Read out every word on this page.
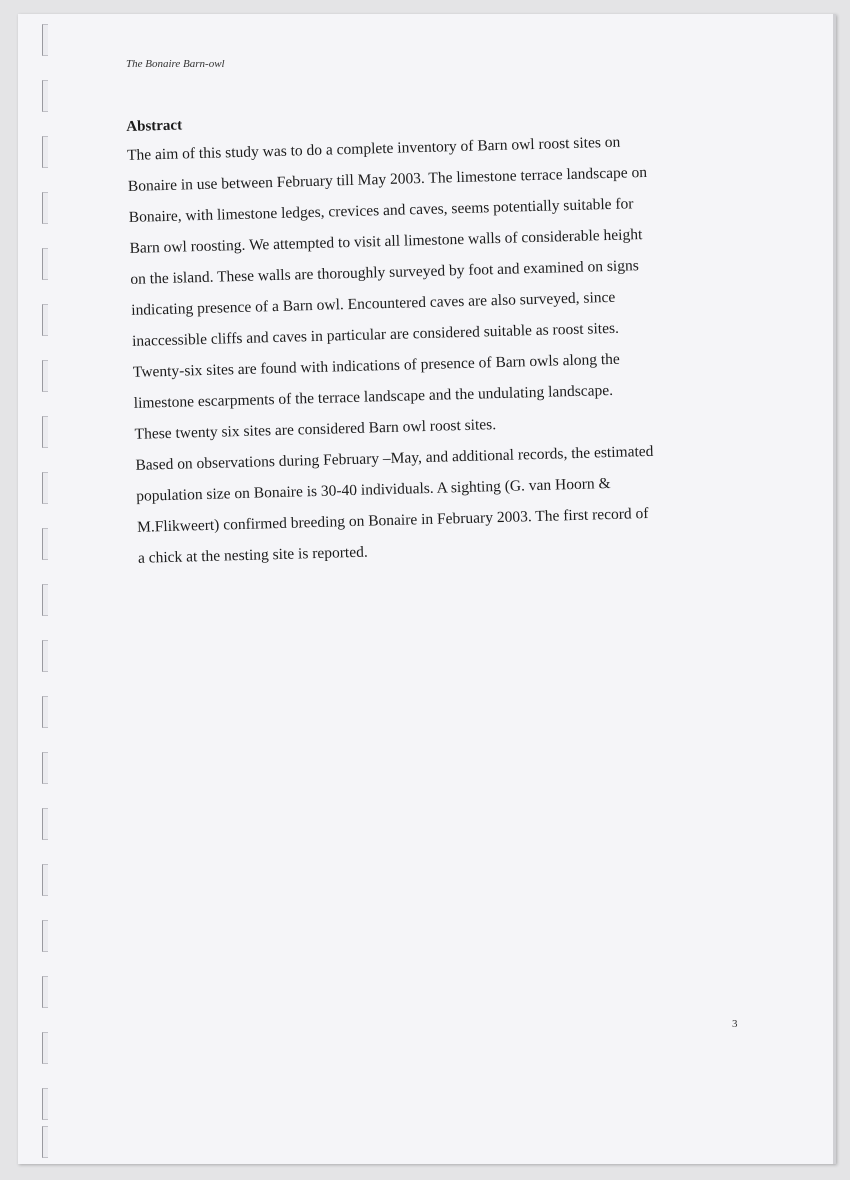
The Bonaire Barn-owl
Abstract
The aim of this study was to do a complete inventory of Barn owl roost sites on
Bonaire in use between February till May 2003. The limestone terrace landscape on
Bonaire, with limestone ledges, crevices and caves, seems potentially suitable for
Barn owl roosting. We attempted to visit all limestone walls of considerable height
on the island. These walls are thoroughly surveyed by foot and examined on signs
indicating presence of a Barn owl. Encountered caves are also surveyed, since
inaccessible cliffs and caves in particular are considered suitable as roost sites.
Twenty-six sites are found with indications of presence of Barn owls along the
limestone escarpments of the terrace landscape and the undulating landscape.
These twenty six sites are considered Barn owl roost sites.
Based on observations during February –May, and additional records, the estimated
population size on Bonaire is 30-40 individuals. A sighting (G. van Hoorn &
M.Flikweert) confirmed breeding on Bonaire in February 2003. The first record of
a chick at the nesting site is reported.
3
